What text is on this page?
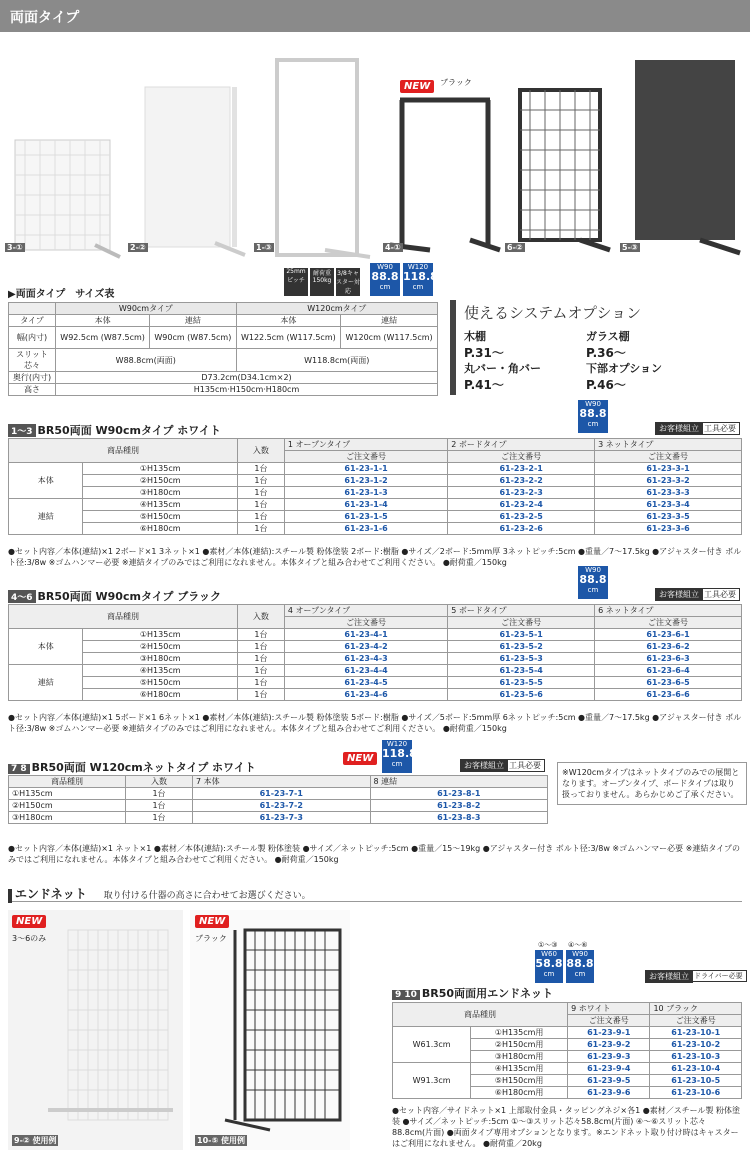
両面タイプ
3-①	2-②	1-③	4-①	6-②	5-③
NEW	ブラック
▶両面タイプ　サイズ表
25mmピッチ
耐荷重150kg
3/8キャスター対応
W90
88.8
cm
W120
118.8
cm
	W90cmタイプ		W120cmタイプ	
タイプ	本体	連結	本体	連結
幅(内寸)	W92.5cm (W87.5cm)	W90cm (W87.5cm)	W122.5cm (W117.5cm)	W120cm (W117.5cm)
スリット芯々	W88.8cm(両面)		W118.8cm(両面)	
奥行(内寸)	D73.2cm(D34.1cm×2)			
高さ	H135cm·H150cm·H180cm			
使えるシステムオプション
木棚
P.31〜
ガラス棚
P.36〜
丸バー・角バー
P.41〜
下部オプション
P.46〜
1〜3 BR50両面 W90cmタイプ ホワイト
W90
88.8
cm	お客様組立 工具必要
商品種別		入数	1 オープンタイプ	2 ボードタイプ	3 ネットタイプ
			ご注文番号	ご注文番号	ご注文番号
本体	①H135cm	1台	61-23-1-1	61-23-2-1	61-23-3-1
	②H150cm	1台	61-23-1-2	61-23-2-2	61-23-3-2
	③H180cm	1台	61-23-1-3	61-23-2-3	61-23-3-3
連結	④H135cm	1台	61-23-1-4	61-23-2-4	61-23-3-4
	⑤H150cm	1台	61-23-1-5	61-23-2-5	61-23-3-5
	⑥H180cm	1台	61-23-1-6	61-23-2-6	61-23-3-6
●セット内容／本体(連結)×1 2ボード×1 3ネット×1 ●素材／本体(連結):スチール製 粉体塗装 2ボード:樹脂 ●サイズ／2ボード:5mm厚 3ネットピッチ:5cm ●重量／7〜17.5kg ●アジャスター付き ボルト径:3/8w ※ゴムハンマー必要 ※連結タイプのみではご利用になれません。本体タイプと組み合わせてご利用ください。 ●耐荷重／150kg
4〜6 BR50両面 W90cmタイプ ブラック
W90
88.8
cm	お客様組立 工具必要
商品種別		入数	4 オープンタイプ	5 ボードタイプ	6 ネットタイプ
			ご注文番号	ご注文番号	ご注文番号
本体	①H135cm	1台	61-23-4-1	61-23-5-1	61-23-6-1
	②H150cm	1台	61-23-4-2	61-23-5-2	61-23-6-2
	③H180cm	1台	61-23-4-3	61-23-5-3	61-23-6-3
連結	④H135cm	1台	61-23-4-4	61-23-5-4	61-23-6-4
	⑤H150cm	1台	61-23-4-5	61-23-5-5	61-23-6-5
	⑥H180cm	1台	61-23-4-6	61-23-5-6	61-23-6-6
●セット内容／本体(連結)×1 5ボード×1 6ネット×1 ●素材／本体(連結):スチール製 粉体塗装 5ボード:樹脂 ●サイズ／5ボード:5mm厚 6ネットピッチ:5cm ●重量／7〜17.5kg ●アジャスター付き ボルト径:3/8w ※ゴムハンマー必要 ※連結タイプのみではご利用になれません。本体タイプと組み合わせてご利用ください。 ●耐荷重／150kg
7 8 BR50両面 W120cmネットタイプ ホワイト
NEW
W120
118.8
cm	お客様組立 工具必要
商品種別	入数	7 本体	8 連結
①H135cm	1台	61-23-7-1	61-23-8-1
②H150cm	1台	61-23-7-2	61-23-8-2
③H180cm	1台	61-23-7-3	61-23-8-3
※W120cmタイプはネットタイプのみでの展開となります。オープンタイプ、ボードタイプは取り扱っておりません。あらかじめご了承ください。
●セット内容／本体(連結)×1 ネット×1 ●素材／本体(連結):スチール製 粉体塗装 ●サイズ／ネットピッチ:5cm ●重量／15〜19kg ●アジャスター付き ボルト径:3/8w ※ゴムハンマー必要 ※連結タイプのみではご利用になれません。本体タイプと組み合わせてご利用ください。 ●耐荷重／150kg
エンドネット 取り付ける什器の高さに合わせてお選びください。
NEW
3〜6のみ
9-② 使用例
NEW
ブラック
10-⑤ 使用例
①〜③ ④〜⑥
W60
58.8
cm
W90
88.8
cm	お客様組立 ドライバー必要
9 10 BR50両面用エンドネット
商品種別		9 ホワイト	10 ブラック
		ご注文番号	ご注文番号
W61.3cm	①H135cm用	61-23-9-1	61-23-10-1
	②H150cm用	61-23-9-2	61-23-10-2
	③H180cm用	61-23-9-3	61-23-10-3
W91.3cm	④H135cm用	61-23-9-4	61-23-10-4
	⑤H150cm用	61-23-9-5	61-23-10-5
	⑥H180cm用	61-23-9-6	61-23-10-6
●セット内容／サイドネット×1 上部取付金具・タッピングネジ×各1 ●素材／スチール製 粉体塗装 ●サイズ／ネットピッチ:5cm ①〜③スリット芯々58.8cm(片面) ④〜⑥スリット芯々88.8cm(片面) ●両面タイプ専用オプションとなります。※エンドネット取り付け時はキャスターはご利用になれません。 ●耐荷重／20kg
